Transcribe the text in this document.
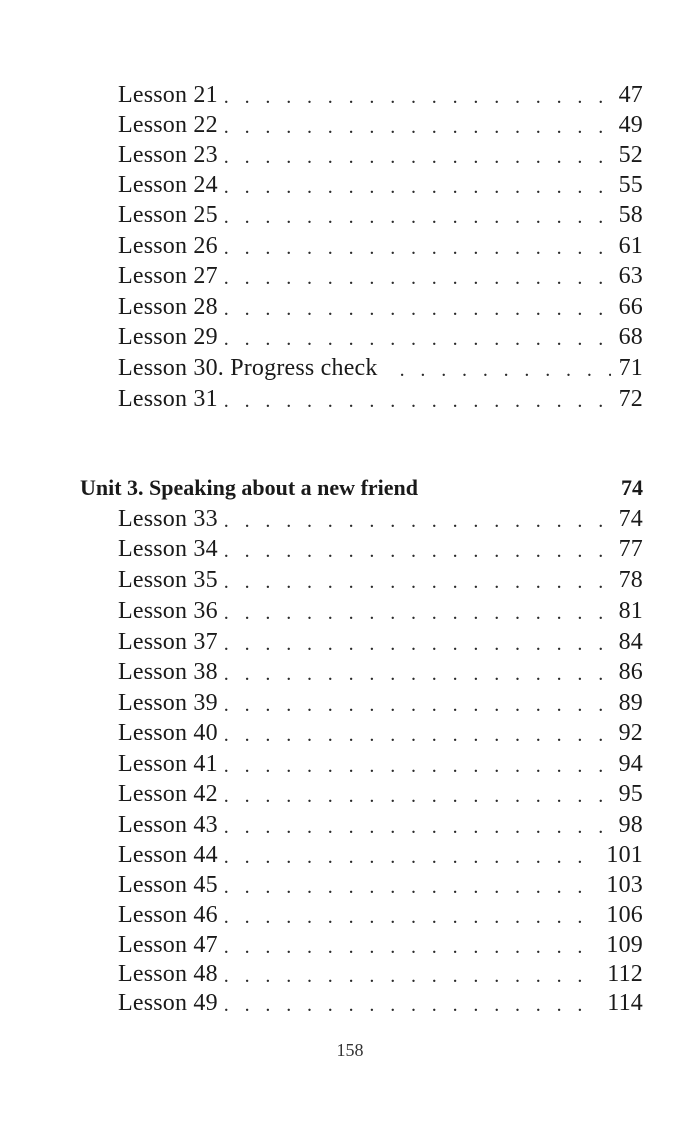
Lesson 21 . . .	47
Lesson 22 . . .	49
Lesson 23 . . .	52
Lesson 24 . . .	55
Lesson 25 . . .	58
Lesson 26 . . .	61
Lesson 27 . . .	63
Lesson 28 . . .	66
Lesson 29 . . .	68
Lesson 30. Progress check . . .	71
Lesson 31 . . .	72
Unit 3. Speaking about a new friend	74
Lesson 33 . . .	74
Lesson 34 . . .	77
Lesson 35 . . .	78
Lesson 36 . . .	81
Lesson 37 . . .	84
Lesson 38 . . .	86
Lesson 39 . . .	89
Lesson 40 . . .	92
Lesson 41 . . .	94
Lesson 42 . . .	95
Lesson 43 . . .	98
Lesson 44 . . .	101
Lesson 45 . . .	103
Lesson 46 . . .	106
Lesson 47 . . .	109
Lesson 48 . . .	112
Lesson 49 . . .	114
158
